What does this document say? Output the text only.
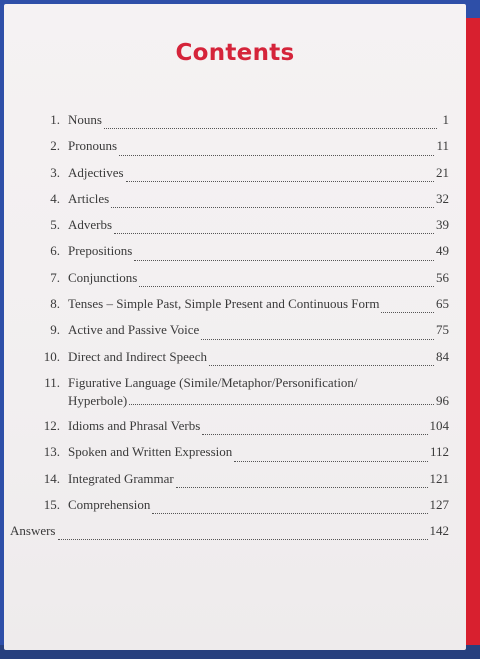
Contents
1. Nouns	1
2. Pronouns	11
3. Adjectives	21
4. Articles	32
5. Adverbs	39
6. Prepositions	49
7. Conjunctions	56
8. Tenses – Simple Past, Simple Present and Continuous Form	65
9. Active and Passive Voice	75
10. Direct and Indirect Speech	84
11. Figurative Language (Simile/Metaphor/Personification/
Hyperbole)	96
12. Idioms and Phrasal Verbs	104
13. Spoken and Written Expression	112
14. Integrated Grammar	121
15. Comprehension	127
Answers	142
